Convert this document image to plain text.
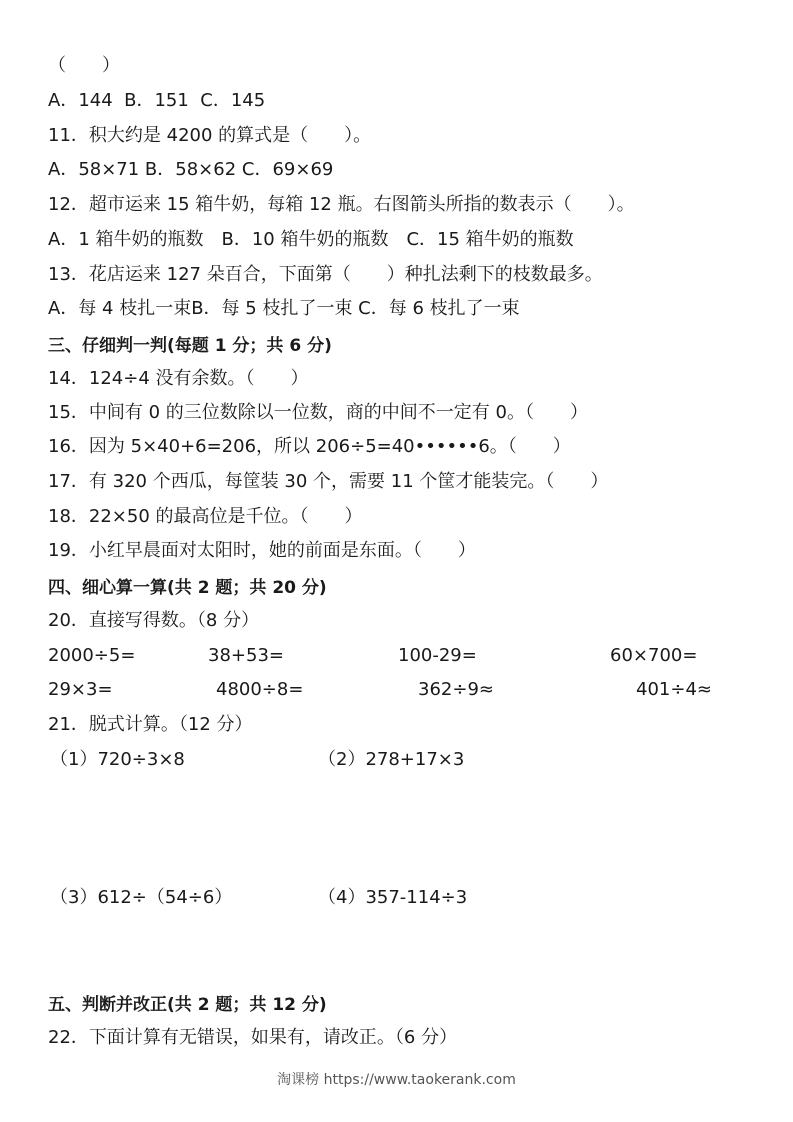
（　　）
A．144  B．151  C．145
11．积大约是 4200 的算式是（　　）。
A．58×71 B．58×62 C．69×69
12．超市运来 15 箱牛奶，每箱 12 瓶。右图箭头所指的数表示（　　）。
A．1 箱牛奶的瓶数　B．10 箱牛奶的瓶数　C．15 箱牛奶的瓶数
13．花店运来 127 朵百合，下面第（　　）种扎法剩下的枝数最多。
A．每 4 枝扎一束B．每 5 枝扎了一束 C．每 6 枝扎了一束
三、仔细判一判(每题 1 分；共 6 分)
14．124÷4 没有余数。（　　）
15．中间有 0 的三位数除以一位数，商的中间不一定有 0。（　　）
16．因为 5×40+6=206，所以 206÷5=40••••••6。（　　）
17．有 320 个西瓜，每筐装 30 个，需要 11 个筐才能装完。（　　）
18．22×50 的最高位是千位。（　　）
19．小红早晨面对太阳时，她的前面是东面。（　　）
四、细心算一算(共 2 题；共 20 分)
20．直接写得数。（8 分）
2000÷5=	38+53=	100-29=	60×700=
29×3=	4800÷8=	362÷9≈	401÷4≈
21．脱式计算。（12 分）
（1）720÷3×8	（2）278+17×3
（3）612÷（54÷6）	（4）357-114÷3
五、判断并改正(共 2 题；共 12 分)
22．下面计算有无错误，如果有，请改正。（6 分）
淘课榜 https://www.taokerank.com
